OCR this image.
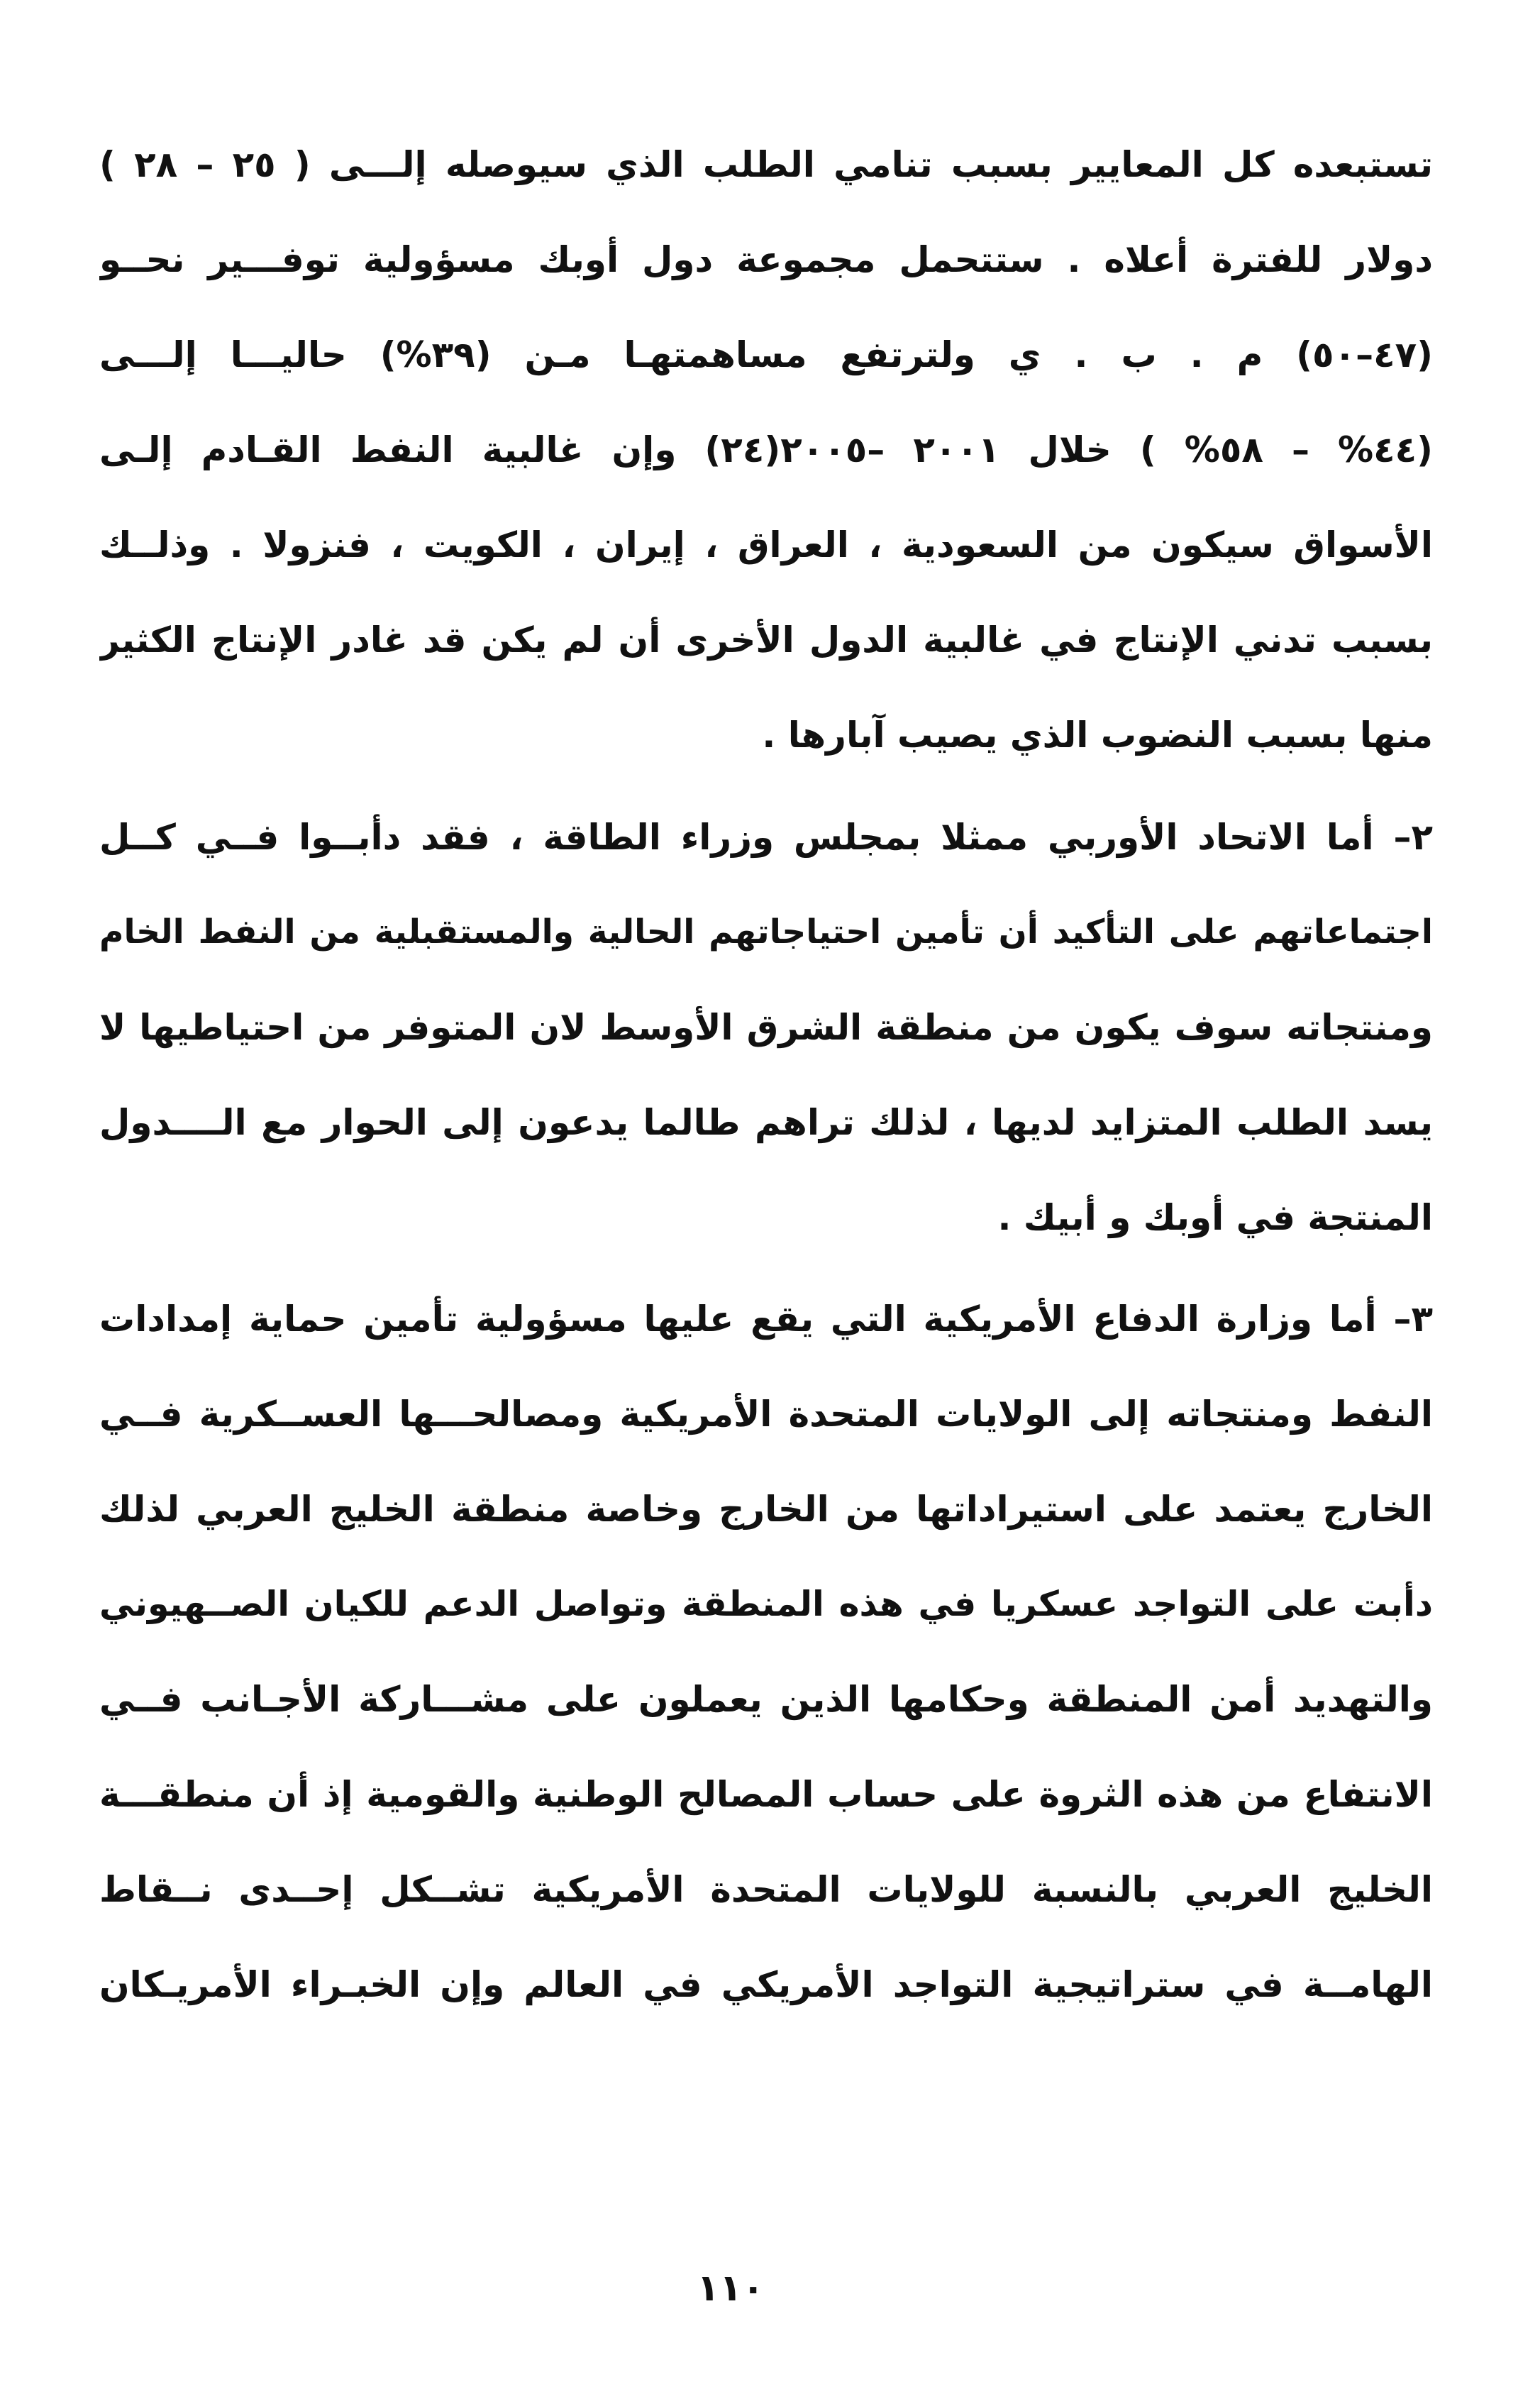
تستبعده كل المعايير بسبب تنامي الطلب الذي سيوصله إلـــى ( ٢٥ – ٢٨ )
دولار للفترة أعلاه . ستتحمل مجموعة دول أوبك مسؤولية توفـــير نحــو
(٤٧–٥٠) م . ب . ي ولترتفع مساهمتهـا مـن (٣٩%) حاليـــا إلـــى
(٤٤% – ٥٨% ) خلال ٢٠٠١ –٢٠٠٥(٢٤) وإن غالبية النفط القـادم إلـى
الأسواق سيكون من السعودية ، العراق ، إيران ، الكويت ، فنزولا . وذلــك
بسبب تدني الإنتاج في غالبية الدول الأخرى أن لم يكن قد غادر الإنتاج الكثير
منها بسبب النضوب الذي يصيب آبارها .
٢– أما الاتحاد الأوربي ممثلا بمجلس وزراء الطاقة ، فقد دأبــوا فــي كــل
اجتماعاتهم على التأكيد أن تأمين احتياجاتهم الحالية والمستقبلية من النفط الخام
ومنتجاته سوف يكون من منطقة الشرق الأوسط لان المتوفر من احتياطيها لا
يسد الطلب المتزايد لديها ، لذلك تراهم طالما يدعون إلى الحوار مع الــــدول
المنتجة في أوبك و أبيك .
٣– أما وزارة الدفاع الأمريكية التي يقع عليها مسؤولية تأمين حماية إمدادات
النفط ومنتجاته إلى الولايات المتحدة الأمريكية ومصالحـــها العســكرية فــي
الخارج يعتمد على استيراداتها من الخارج وخاصة منطقة الخليج العربي لذلك
دأبت على التواجد عسكريا في هذه المنطقة وتواصل الدعم للكيان الصــهيوني
والتهديد أمن المنطقة وحكامها الذين يعملون على مشـــاركة الأجـانب فــي
الانتفاع من هذه الثروة على حساب المصالح الوطنية والقومية إذ أن منطقـــة
الخليج العربي بالنسبة للولايات المتحدة الأمريكية تشــكل إحــدى نــقاط
الهامــة في ستراتيجية التواجد الأمريكي في العالم وإن الخبـراء الأمريـكان
١١٠
